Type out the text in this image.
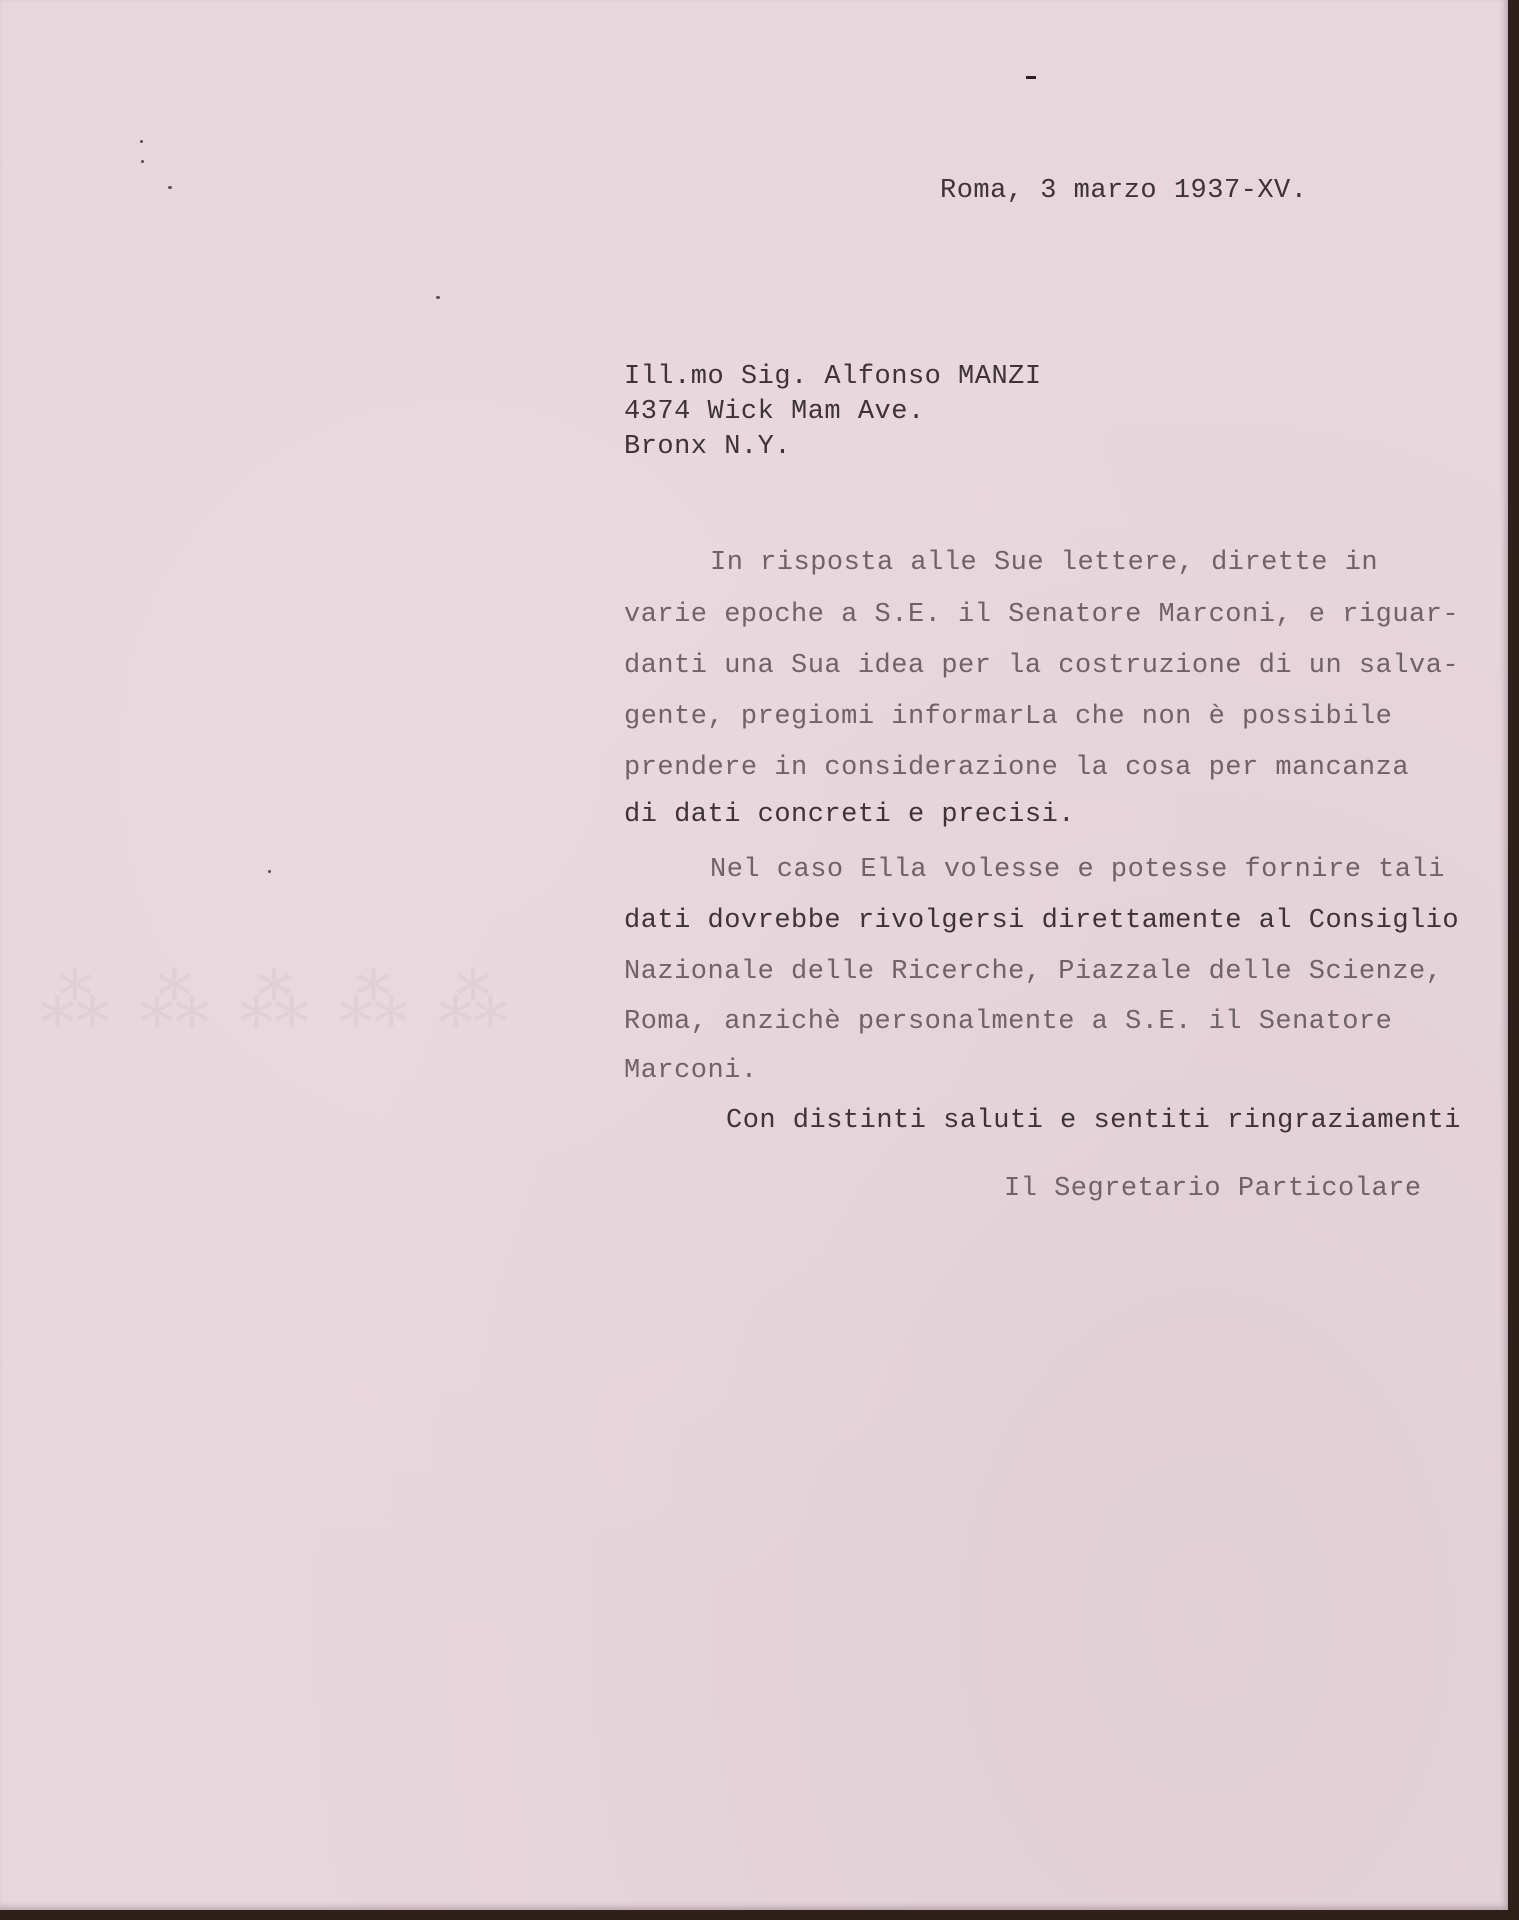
⁂ ⁂ ⁂ ⁂ ⁂
Roma, 3 marzo 1937-XV.
Ill.mo Sig. Alfonso MANZI
4374 Wick Mam Ave.
Bronx N.Y.
In risposta alle Sue lettere, dirette in
varie epoche a S.E. il Senatore Marconi, e riguar-
danti una Sua idea per la costruzione di un salva-
gente, pregiomi informarLa che non è possibile
prendere in considerazione la cosa per mancanza
di dati concreti e precisi.
Nel caso Ella volesse e potesse fornire tali
dati dovrebbe rivolgersi direttamente al Consiglio
Nazionale delle Ricerche, Piazzale delle Scienze,
Roma, anzichè personalmente a S.E. il Senatore
Marconi.
Con distinti saluti e sentiti ringraziamenti
Il Segretario Particolare
